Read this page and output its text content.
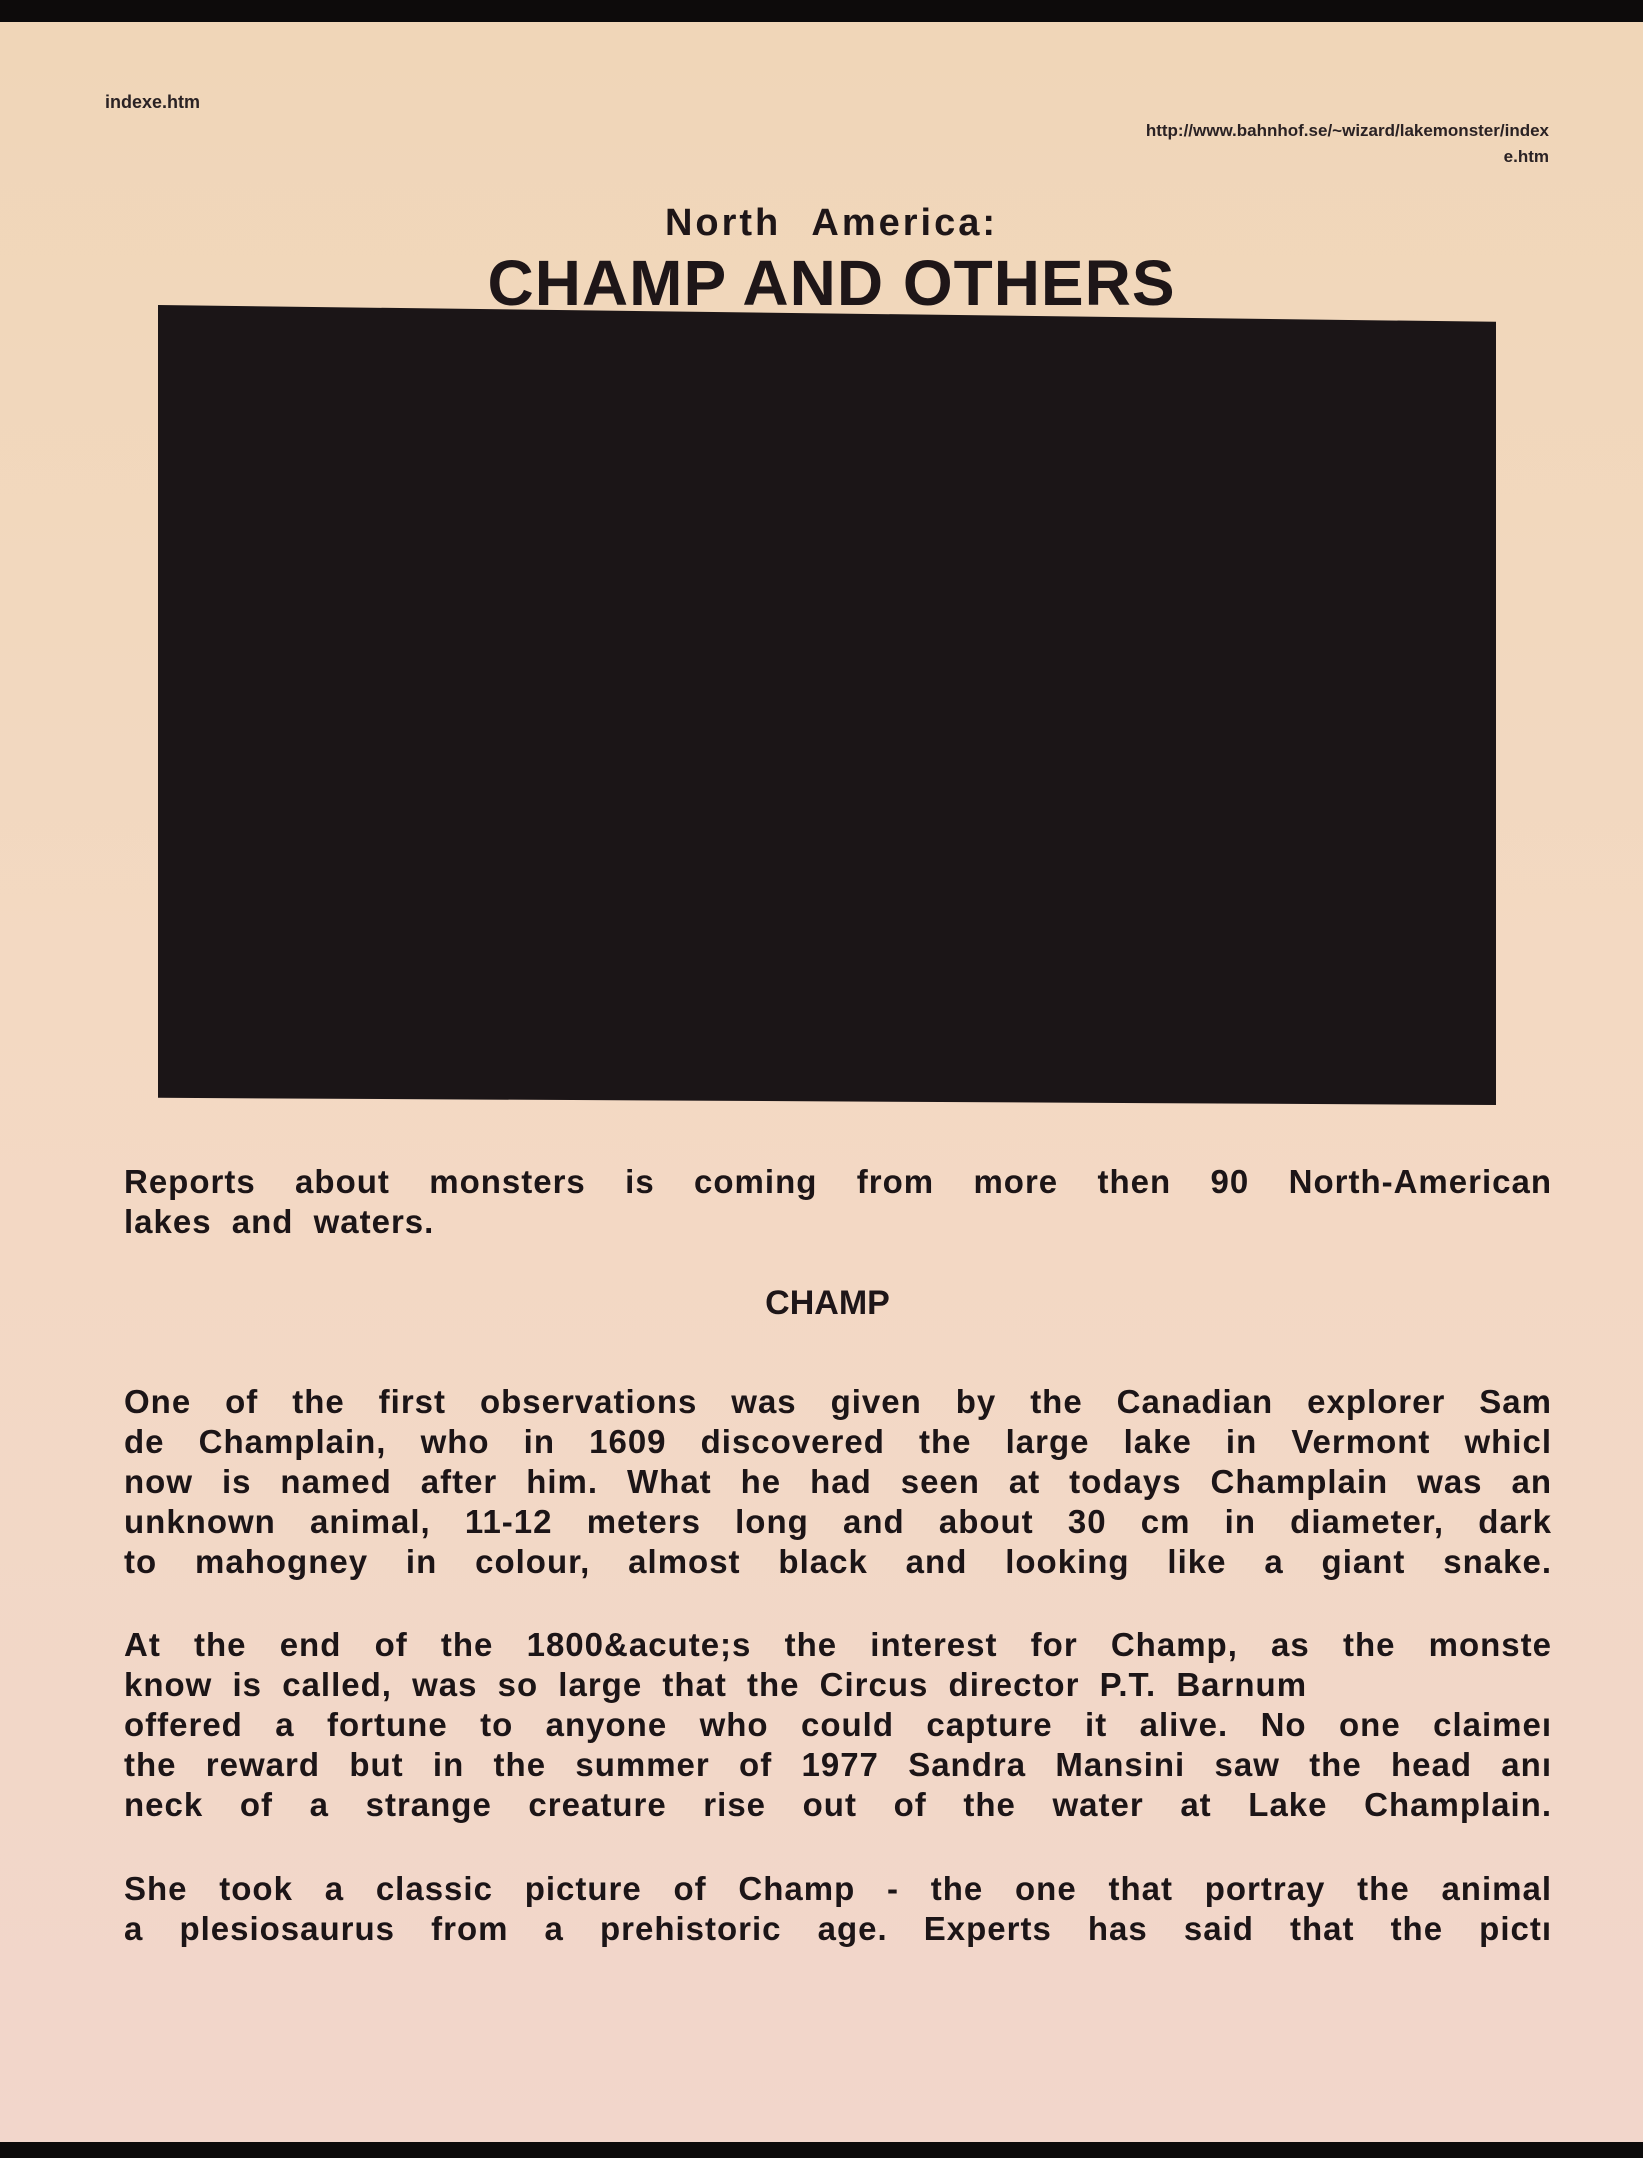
indexe.htm
http://www.bahnhof.se/~wizard/lakemonster/index
e.htm
North America:
CHAMP AND OTHERS
Reports about monsters is coming from more then 90 North-American
lakes and waters.
CHAMP
One of the first observations was given by the Canadian explorer Sam
de Champlain, who in 1609 discovered the large lake in Vermont whicl
now is named after him. What he had seen at todays Champlain was an
unknown animal, 11-12 meters long and about 30 cm in diameter, dark
to mahogney in colour, almost black and looking like a giant snake.
At the end of the 1800&acute;s the interest for Champ, as the monste
know is called, was so large that the Circus director P.T. Barnum
offered a fortune to anyone who could capture it alive. No one claimeı
the reward but in the summer of 1977 Sandra Mansini saw the head anı
neck of a strange creature rise out of the water at Lake Champlain.
She took a classic picture of Champ - the one that portray the animal
a plesiosaurus from a prehistoric age. Experts has said that the pictı
